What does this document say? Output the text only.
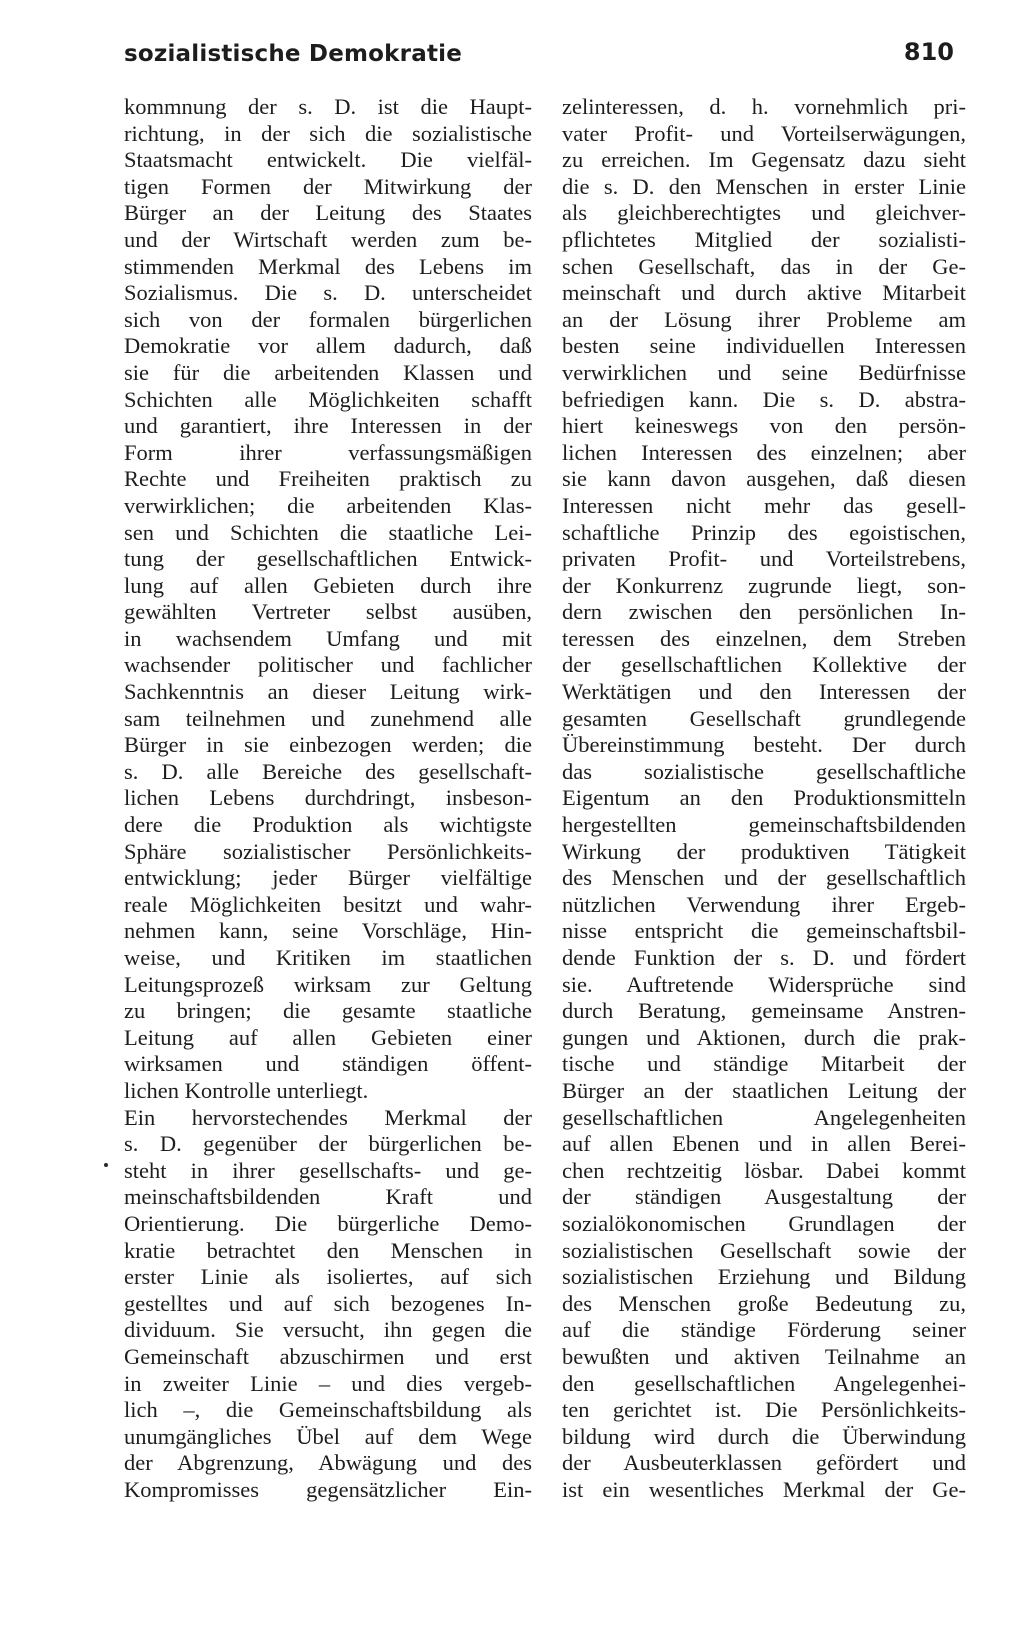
sozialistische Demokratie	810
kommnung der s. D. ist die Haupt-
richtung, in der sich die sozialistische
Staatsmacht entwickelt. Die vielfäl-
tigen Formen der Mitwirkung der
Bürger an der Leitung des Staates
und der Wirtschaft werden zum be-
stimmenden Merkmal des Lebens im
Sozialismus. Die s. D. unterscheidet
sich von der formalen bürgerlichen
Demokratie vor allem dadurch, daß
sie für die arbeitenden Klassen und
Schichten alle Möglichkeiten schafft
und garantiert, ihre Interessen in der
Form ihrer verfassungsmäßigen
Rechte und Freiheiten praktisch zu
verwirklichen; die arbeitenden Klas-
sen und Schichten die staatliche Lei-
tung der gesellschaftlichen Entwick-
lung auf allen Gebieten durch ihre
gewählten Vertreter selbst ausüben,
in wachsendem Umfang und mit
wachsender politischer und fachlicher
Sachkenntnis an dieser Leitung wirk-
sam teilnehmen und zunehmend alle
Bürger in sie einbezogen werden; die
s. D. alle Bereiche des gesellschaft-
lichen Lebens durchdringt, insbeson-
dere die Produktion als wichtigste
Sphäre sozialistischer Persönlichkeits-
entwicklung; jeder Bürger vielfältige
reale Möglichkeiten besitzt und wahr-
nehmen kann, seine Vorschläge, Hin-
weise, und Kritiken im staatlichen
Leitungsprozeß wirksam zur Geltung
zu bringen; die gesamte staatliche
Leitung auf allen Gebieten einer
wirksamen und ständigen öffent-
lichen Kontrolle unterliegt.
Ein hervorstechendes Merkmal der
s. D. gegenüber der bürgerlichen be-
steht in ihrer gesellschafts- und ge-
meinschaftsbildenden Kraft und
Orientierung. Die bürgerliche Demo-
kratie betrachtet den Menschen in
erster Linie als isoliertes, auf sich
gestelltes und auf sich bezogenes In-
dividuum. Sie versucht, ihn gegen die
Gemeinschaft abzuschirmen und erst
in zweiter Linie – und dies vergeb-
lich –, die Gemeinschaftsbildung als
unumgängliches Übel auf dem Wege
der Abgrenzung, Abwägung und des
Kompromisses gegensätzlicher Ein-
zelinteressen, d. h. vornehmlich pri-
vater Profit- und Vorteilserwägungen,
zu erreichen. Im Gegensatz dazu sieht
die s. D. den Menschen in erster Linie
als gleichberechtigtes und gleichver-
pflichtetes Mitglied der sozialisti-
schen Gesellschaft, das in der Ge-
meinschaft und durch aktive Mitarbeit
an der Lösung ihrer Probleme am
besten seine individuellen Interessen
verwirklichen und seine Bedürfnisse
befriedigen kann. Die s. D. abstra-
hiert keineswegs von den persön-
lichen Interessen des einzelnen; aber
sie kann davon ausgehen, daß diesen
Interessen nicht mehr das gesell-
schaftliche Prinzip des egoistischen,
privaten Profit- und Vorteilstrebens,
der Konkurrenz zugrunde liegt, son-
dern zwischen den persönlichen In-
teressen des einzelnen, dem Streben
der gesellschaftlichen Kollektive der
Werktätigen und den Interessen der
gesamten Gesellschaft grundlegende
Übereinstimmung besteht. Der durch
das sozialistische gesellschaftliche
Eigentum an den Produktionsmitteln
hergestellten gemeinschaftsbildenden
Wirkung der produktiven Tätigkeit
des Menschen und der gesellschaftlich
nützlichen Verwendung ihrer Ergeb-
nisse entspricht die gemeinschaftsbil-
dende Funktion der s. D. und fördert
sie. Auftretende Widersprüche sind
durch Beratung, gemeinsame Anstren-
gungen und Aktionen, durch die prak-
tische und ständige Mitarbeit der
Bürger an der staatlichen Leitung der
gesellschaftlichen Angelegenheiten
auf allen Ebenen und in allen Berei-
chen rechtzeitig lösbar. Dabei kommt
der ständigen Ausgestaltung der
sozialökonomischen Grundlagen der
sozialistischen Gesellschaft sowie der
sozialistischen Erziehung und Bildung
des Menschen große Bedeutung zu,
auf die ständige Förderung seiner
bewußten und aktiven Teilnahme an
den gesellschaftlichen Angelegenhei-
ten gerichtet ist. Die Persönlichkeits-
bildung wird durch die Überwindung
der Ausbeuterklassen gefördert und
ist ein wesentliches Merkmal der Ge-
